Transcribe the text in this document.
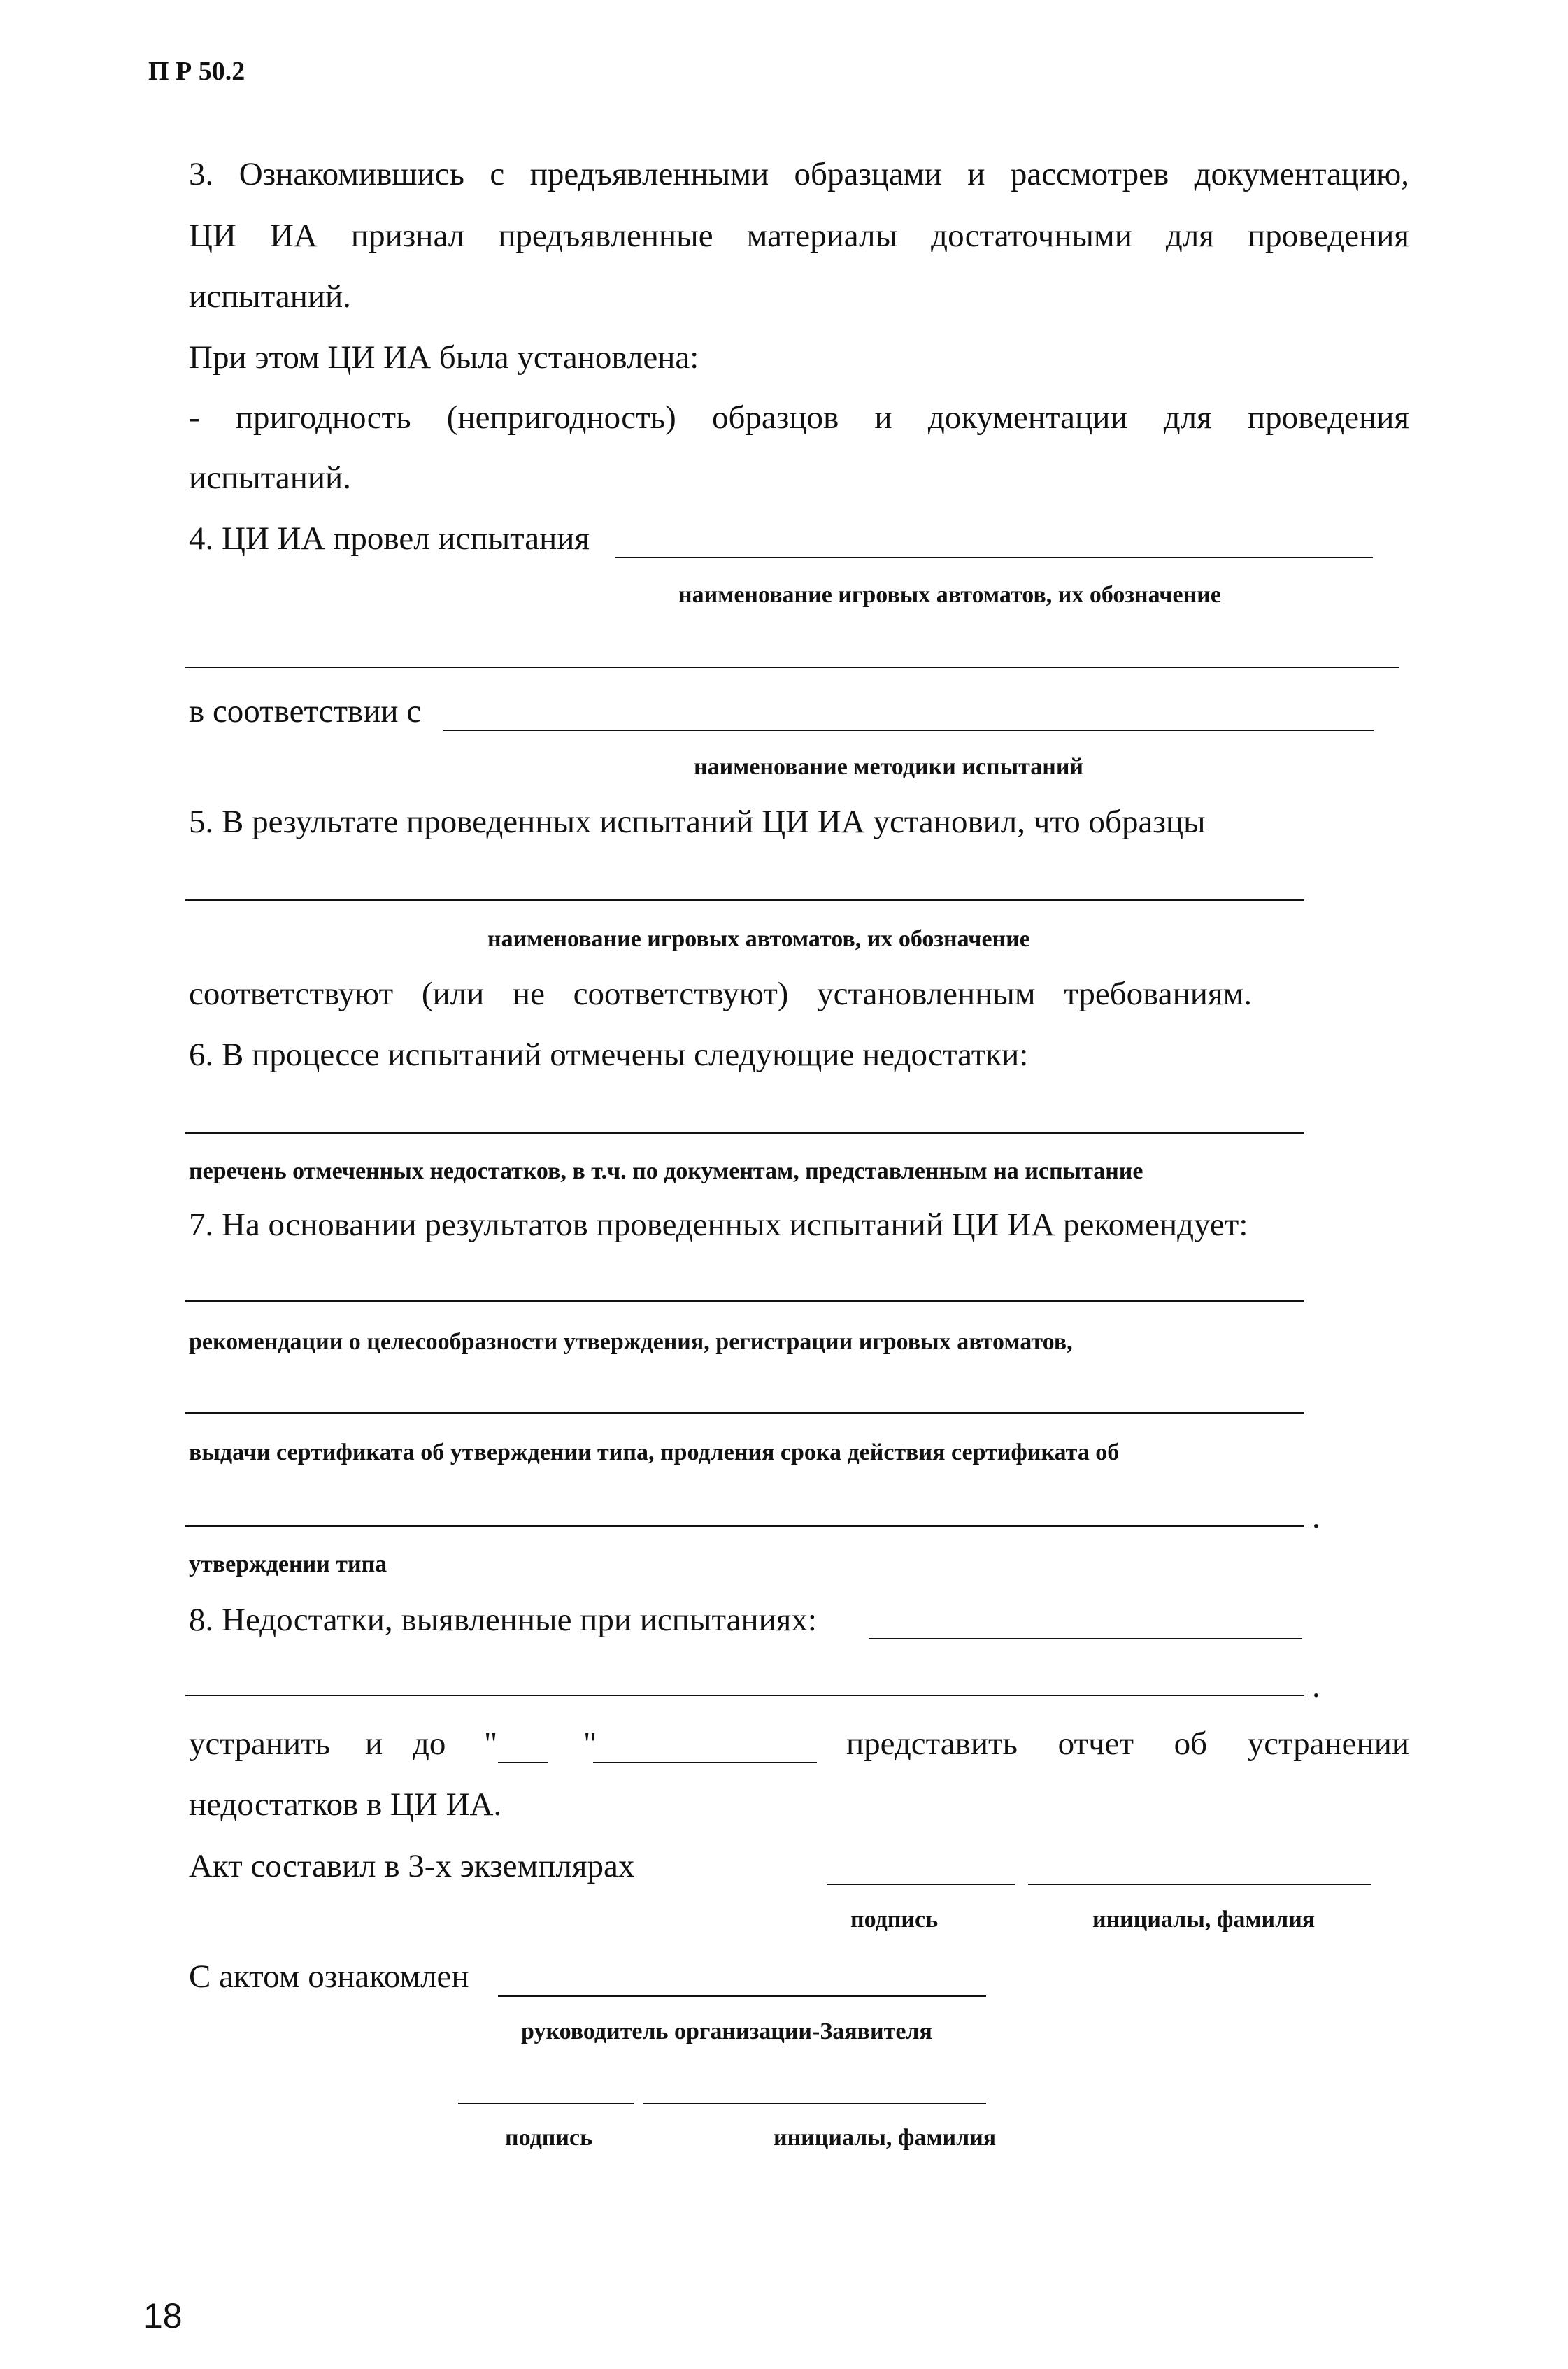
П Р 50.2
3. Ознакомившись с предъявленными образцами и рассмотрев документацию,
ЦИ ИА признал предъявленные материалы достаточными для проведения
испытаний.
При этом ЦИ ИА была установлена:
- пригодность (непригодность) образцов и документации для проведения
испытаний.
4. ЦИ ИА провел испытания
наименование игровых автоматов, их обозначение
в соответствии с
наименование методики испытаний
5. В результате проведенных испытаний ЦИ ИА установил, что образцы
наименование игровых автоматов, их обозначение
соответствуют (или не соответствуют) установленным требованиям.
6. В процессе испытаний отмечены следующие недостатки:
перечень отмеченных недостатков, в т.ч. по документам, представленным на испытание
7. На основании результатов проведенных испытаний ЦИ ИА рекомендует:
рекомендации о целесообразности утверждения, регистрации игровых автоматов,
выдачи сертификата об утверждении типа, продления срока действия сертификата об
.
утверждении типа
8. Недостатки, выявленные при испытаниях:
.
устранить и до "	"	представить отчет об устранении
недостатков в ЦИ ИА.
Акт составил в 3-х экземплярах
подпись	инициалы, фамилия
С актом ознакомлен
руководитель организации-Заявителя
подпись	инициалы, фамилия
18
